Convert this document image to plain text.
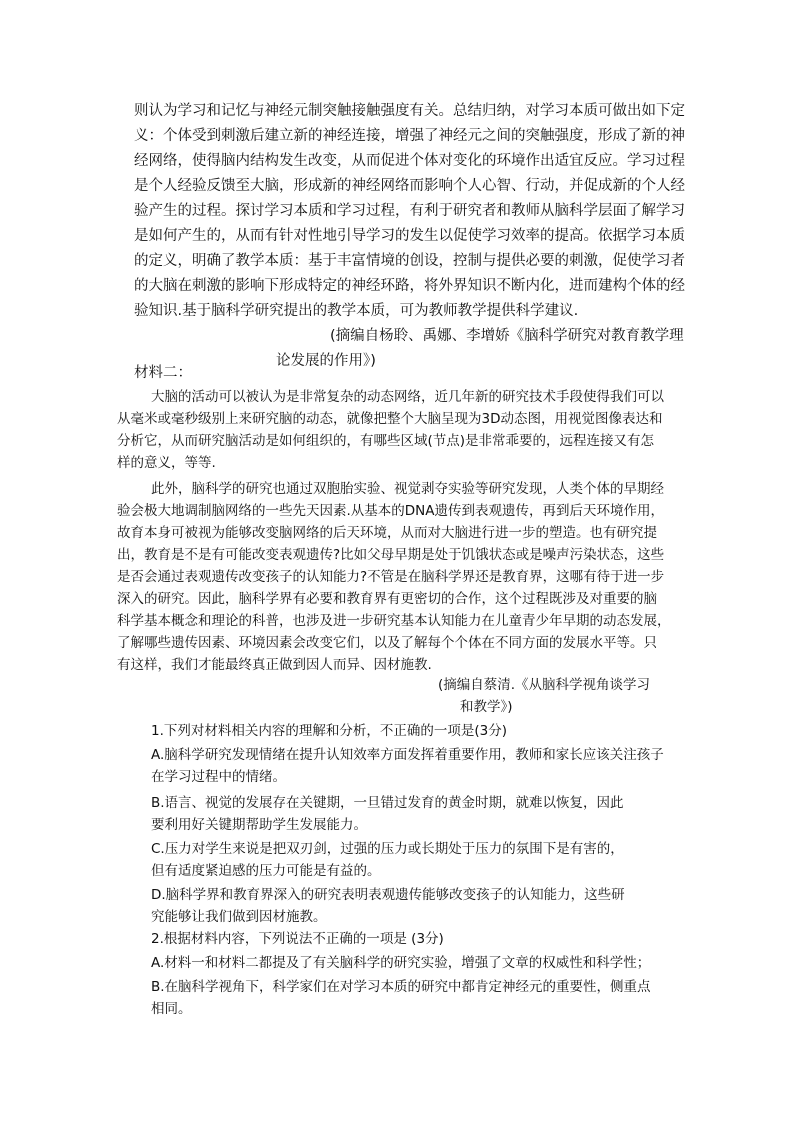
则认为学习和记忆与神经元制突触接触强度有关。总结归纳，对学习本质可做出如下定
义：个体受到刺激后建立新的神经连接，增强了神经元之间的突触强度，形成了新的神
经网络，使得脑内结构发生改变，从而促进个体对变化的环境作出适宜反应。学习过程
是个人经验反馈至大脑，形成新的神经网络而影响个人心智、行动，并促成新的个人经
验产生的过程。探讨学习本质和学习过程，有利于研究者和教师从脑科学层面了解学习
是如何产生的，从而有针对性地引导学习的发生以促使学习效率的提高。依据学习本质
的定义，明确了教学本质：基于丰富情境的创设，控制与提供必要的刺激，促使学习者
的大脑在刺激的影响下形成特定的神经环路，将外界知识不断内化，进而建构个体的经
验知识.基于脑科学研究提出的教学本质，可为教师教学提供科学建议.
(摘编自杨聆、禹娜、李增娇《脑科学研究对教育教学理
论发展的作用》)
材料二：
大脑的活动可以被认为是非常复杂的动态网络，近几年新的研究技术手段使得我们可以
从毫米或毫秒级别上来研究脑的动态，就像把整个大脑呈现为3D动态图，用视觉图像表达和
分析它，从而研究脑活动是如何组织的，有哪些区域(节点)是非常乖要的，远程连接又有怎
样的意义，等等.
此外，脑科学的研究也通过双胞胎实验、视觉剥夺实验等研究发现，人类个体的早期经
验会极大地调制脑网络的一些先天因素.从基本的DNA遗传到表观遗传，再到后天环境作用，
故育本身可被视为能够改变脑网络的后天环境，从而对大脑进行进一步的塑造。也有研究提
出，教育是不是有可能改变表观遗传?比如父母早期是处于饥饿状态或是噪声污染状态，这些
是否会通过表观遗传改变孩子的认知能力?不管是在脑科学界还是教育界，这哪有待于进一步
深入的研究。因此，脑科学界有必要和教育界有更密切的合作，这个过程既涉及对重要的脑
科学基本概念和理论的科普，也涉及进一步研究基本认知能力在儿童青少年早期的动态发展，
了解哪些遗传因素、环境因素会改变它们，以及了解每个个体在不同方面的发展水平等。只
有这样，我们才能最终真正做到因人而异、因材施教.
(摘编自蔡清.《从脑科学视角谈学习
和教学》)
1.下列对材料相关内容的理解和分析，不正确的一项是(3分)
A.脑科学研究发现情绪在提升认知效率方面发挥着重要作用，教师和家长应该关注孩子
在学习过程中的情绪。
B.语言、视觉的发展存在关键期，一旦错过发育的黄金时期，就难以恢复，因此
要利用好关键期帮助学生发展能力。
C.压力对学生来说是把双刃剑，过强的压力或长期处于压力的氛围下是有害的，
但有适度紧迫感的压力可能是有益的。
D.脑科学界和教育界深入的研究表明表观遗传能够改变孩子的认知能力，这些研
究能够让我们做到因材施教。
2.根据材料内容，下列说法不正确的一项是 (3分)
A.材料一和材料二都提及了有关脑科学的研究实验，增强了文章的权威性和科学性；
B.在脑科学视角下，科学家们在对学习本质的研究中都肯定神经元的重要性，侧重点
相同。
